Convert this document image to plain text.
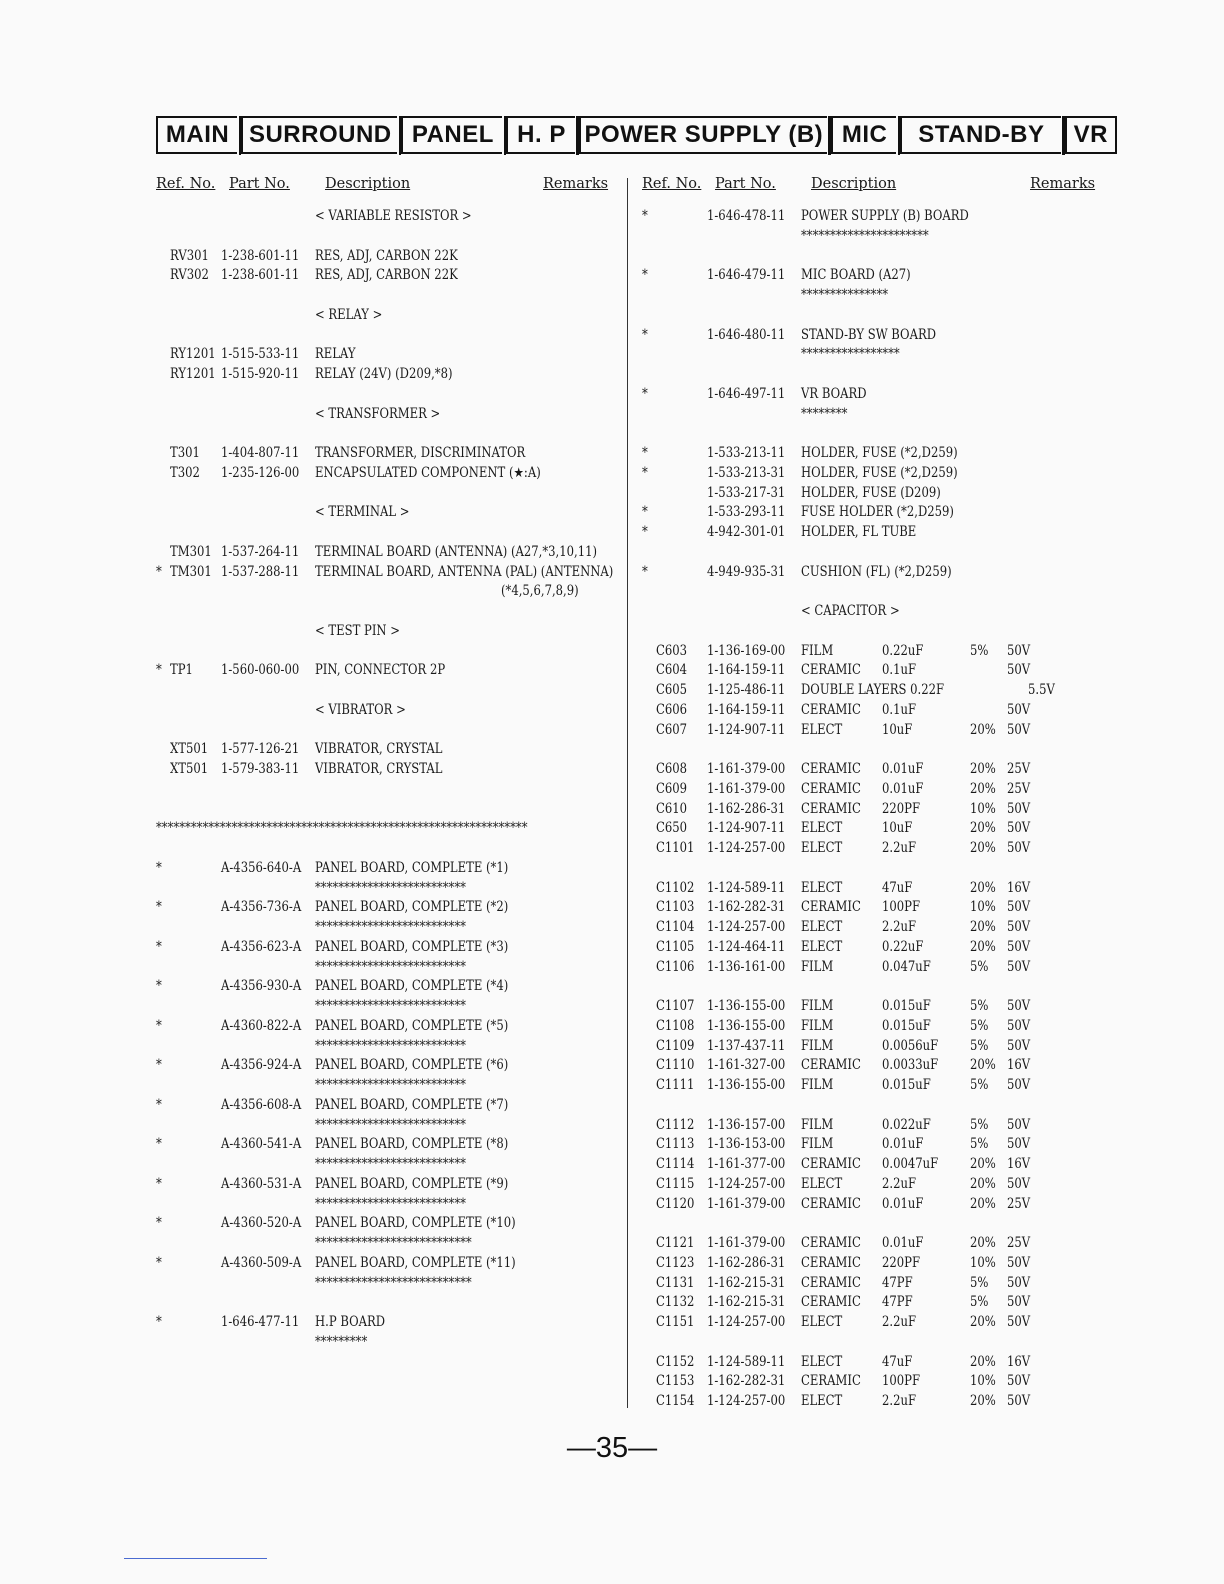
MAIN SURROUND PANEL H. P POWER SUPPLY (B) MIC	STAND-BY	VR
Ref. No. Part No. Description	Remarks
< VARIABLE RESISTOR >
RV301 1-238-601-11 RES, ADJ, CARBON 22K
RV302 1-238-601-11 RES, ADJ, CARBON 22K
< RELAY >
RY1201 1-515-533-11 RELAY
RY1201 1-515-920-11 RELAY (24V) (D209,*8)
< TRANSFORMER >
T301 1-404-807-11 TRANSFORMER, DISCRIMINATOR
T302 1-235-126-00 ENCAPSULATED COMPONENT (★:A)
< TERMINAL >
TM301 1-537-264-11 TERMINAL BOARD (ANTENNA) (A27,*3,10,11)
* TM301 1-537-288-11 TERMINAL BOARD, ANTENNA (PAL) (ANTENNA)
(*4,5,6,7,8,9)
< TEST PIN >
* TP1 1-560-060-00 PIN, CONNECTOR 2P
< VIBRATOR >
XT501 1-577-126-21 VIBRATOR, CRYSTAL
XT501 1-579-383-11 VIBRATOR, CRYSTAL
****************************************************************
*	A-4356-640-A PANEL BOARD, COMPLETE (*1)
**************************
*	A-4356-736-A PANEL BOARD, COMPLETE (*2)
**************************
*	A-4356-623-A PANEL BOARD, COMPLETE (*3)
**************************
*	A-4356-930-A PANEL BOARD, COMPLETE (*4)
**************************
*	A-4360-822-A PANEL BOARD, COMPLETE (*5)
**************************
*	A-4356-924-A PANEL BOARD, COMPLETE (*6)
**************************
*	A-4356-608-A PANEL BOARD, COMPLETE (*7)
**************************
*	A-4360-541-A PANEL BOARD, COMPLETE (*8)
**************************
*	A-4360-531-A PANEL BOARD, COMPLETE (*9)
**************************
*	A-4360-520-A PANEL BOARD, COMPLETE (*10)
***************************
*	A-4360-509-A PANEL BOARD, COMPLETE (*11)
***************************
*	1-646-477-11 H.P BOARD
*********
Ref. No. Part No. Description	Remarks
*	1-646-478-11 POWER SUPPLY (B) BOARD
**********************
*	1-646-479-11 MIC BOARD (A27)
***************
*	1-646-480-11 STAND-BY SW BOARD
*****************
*	1-646-497-11 VR BOARD
********
*	1-533-213-11 HOLDER, FUSE (*2,D259)
*	1-533-213-31 HOLDER, FUSE (*2,D259)
1-533-217-31 HOLDER, FUSE (D209)
*	1-533-293-11 FUSE HOLDER (*2,D259)
*	4-942-301-01 HOLDER, FL TUBE
*	4-949-935-31 CUSHION (FL) (*2,D259)
< CAPACITOR >
C603 1-136-169-00 FILM	0.22uF	5% 50V
C604 1-164-159-11 CERAMIC 0.1uF	50V
C605 1-125-486-11 DOUBLE LAYERS 0.22F	5.5V
C606 1-164-159-11 CERAMIC 0.1uF	50V
C607 1-124-907-11 ELECT	10uF	20% 50V
C608 1-161-379-00 CERAMIC 0.01uF	20% 25V
C609 1-161-379-00 CERAMIC 0.01uF	20% 25V
C610 1-162-286-31 CERAMIC 220PF	10% 50V
C650 1-124-907-11 ELECT	10uF	20% 50V
C1101 1-124-257-00 ELECT	2.2uF	20% 50V
C1102 1-124-589-11 ELECT	47uF	20% 16V
C1103 1-162-282-31 CERAMIC 100PF	10% 50V
C1104 1-124-257-00 ELECT	2.2uF	20% 50V
C1105 1-124-464-11 ELECT	0.22uF	20% 50V
C1106 1-136-161-00 FILM	0.047uF	5% 50V
C1107 1-136-155-00 FILM	0.015uF	5% 50V
C1108 1-136-155-00 FILM	0.015uF	5% 50V
C1109 1-137-437-11 FILM	0.0056uF 5% 50V
C1110 1-161-327-00 CERAMIC 0.0033uF 20% 16V
C1111 1-136-155-00 FILM	0.015uF	5% 50V
C1112 1-136-157-00 FILM	0.022uF	5% 50V
C1113 1-136-153-00 FILM	0.01uF	5% 50V
C1114 1-161-377-00 CERAMIC 0.0047uF 20% 16V
C1115 1-124-257-00 ELECT	2.2uF	20% 50V
C1120 1-161-379-00 CERAMIC 0.01uF	20% 25V
C1121 1-161-379-00 CERAMIC 0.01uF	20% 25V
C1123 1-162-286-31 CERAMIC 220PF	10% 50V
C1131 1-162-215-31 CERAMIC 47PF	5% 50V
C1132 1-162-215-31 CERAMIC 47PF	5% 50V
C1151 1-124-257-00 ELECT	2.2uF	20% 50V
C1152 1-124-589-11 ELECT	47uF	20% 16V
C1153 1-162-282-31 CERAMIC 100PF	10% 50V
C1154 1-124-257-00 ELECT	2.2uF	20% 50V
—35—
